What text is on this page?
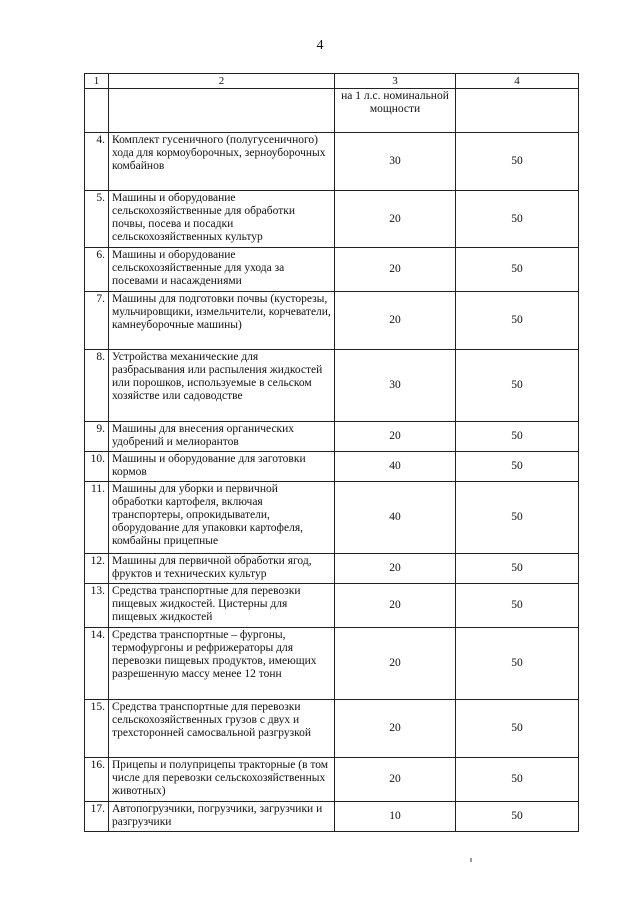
4
1	2	3	4
		на 1 л.с. номинальной мощности	
4.	Комплект гусеничного (полугусеничного) хода для кормоуборочных, зерноуборочных комбайнов	30	50
5.	Машины и оборудование сельскохозяйственные для обработки почвы, посева и посадки сельскохозяйственных культур	20	50
6.	Машины и оборудование сельскохозяйственные для ухода за посевами и насаждениями	20	50
7.	Машины для подготовки почвы (кусторезы, мульчировщики, измельчители, корчеватели, камнеуборочные машины)	20	50
8.	Устройства механические для разбрасывания или распыления жидкостей или порошков, используемые в сельском хозяйстве или садоводстве	30	50
9.	Машины для внесения органических удобрений и мелиорантов	20	50
10.	Машины и оборудование для заготовки кормов	40	50
11.	Машины для уборки и первичной обработки картофеля, включая транспортеры, опрокидыватели, оборудование для упаковки картофеля, комбайны прицепные	40	50
12.	Машины для первичной обработки ягод, фруктов и технических культур	20	50
13.	Средства транспортные для перевозки пищевых жидкостей. Цистерны для пищевых жидкостей	20	50
14.	Средства транспортные – фургоны, термофургоны и рефрижераторы для перевозки пищевых продуктов, имеющих разрешенную массу менее 12 тонн	20	50
15.	Средства транспортные для перевозки сельскохозяйственных грузов с двух и трехсторонней самосвальной разгрузкой	20	50
16.	Прицепы и полуприцепы тракторные (в том числе для перевозки сельскохозяйственных животных)	20	50
17.	Автопогрузчики, погрузчики, загрузчики и разгрузчики	10	50
